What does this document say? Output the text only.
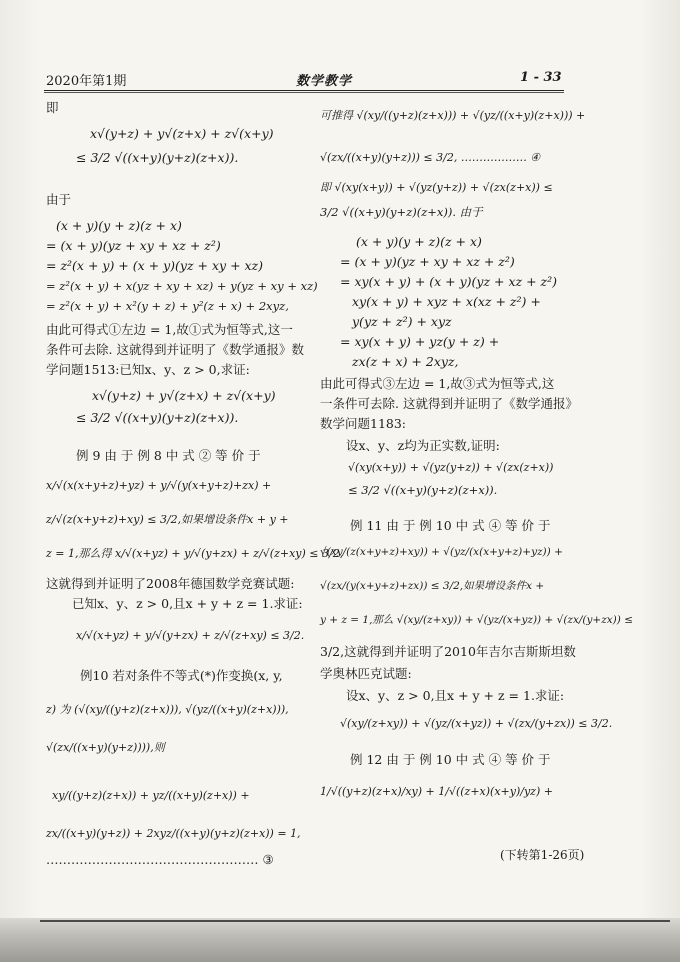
2020年第1期	数学教学	1 - 33
即
x√(y+z) + y√(z+x) + z√(x+y)
≤ 3/2 √((x+y)(y+z)(z+x)).
由于
(x + y)(y + z)(z + x)
= (x + y)(yz + xy + xz + z²)
= z²(x + y) + (x + y)(yz + xy + xz)
= z²(x + y) + x(yz + xy + xz) + y(yz + xy + xz)
= z²(x + y) + x²(y + z) + y²(z + x) + 2xyz,
由此可得式①左边 = 1,故①式为恒等式,这一
条件可去除. 这就得到并证明了《数学通报》数
学问题1513:已知x、y、z > 0,求证:
x√(y+z) + y√(z+x) + z√(x+y)
≤ 3/2 √((x+y)(y+z)(z+x)).
例 9 由 于 例 8 中 式 ② 等 价 于
x/√(x(x+y+z)+yz) + y/√(y(x+y+z)+zx) +
z/√(z(x+y+z)+xy) ≤ 3/2,如果增设条件x + y +
z = 1,那么得 x/√(x+yz) + y/√(y+zx) + z/√(z+xy) ≤ 3/2,
这就得到并证明了2008年德国数学竞赛试题:
已知x、y、z > 0,且x + y + z = 1.求证:
x/√(x+yz) + y/√(y+zx) + z/√(z+xy) ≤ 3/2.
例10 若对条件不等式(*)作变换(x, y,
z) 为 (√(xy/((y+z)(z+x))), √(yz/((x+y)(z+x))),
√(zx/((x+y)(y+z)))),则
xy/((y+z)(z+x)) + yz/((x+y)(z+x)) +
zx/((x+y)(y+z)) + 2xyz/((x+y)(y+z)(z+x)) = 1,
…………………………………………… ③
可推得 √(xy/((y+z)(z+x))) + √(yz/((x+y)(z+x))) +
√(zx/((x+y)(y+z))) ≤ 3/2, ……………… ④
即 √(xy(x+y)) + √(yz(y+z)) + √(zx(z+x)) ≤
3/2 √((x+y)(y+z)(z+x)). 由于
(x + y)(y + z)(z + x)
= (x + y)(yz + xy + xz + z²)
= xy(x + y) + (x + y)(yz + xz + z²)
xy(x + y) + xyz + x(xz + z²) +
y(yz + z²) + xyz
= xy(x + y) + yz(y + z) +
zx(z + x) + 2xyz,
由此可得式③左边 = 1,故③式为恒等式,这
一条件可去除. 这就得到并证明了《数学通报》
数学问题1183:
设x、y、z均为正实数,证明:
√(xy(x+y)) + √(yz(y+z)) + √(zx(z+x))
≤ 3/2 √((x+y)(y+z)(z+x)).
例 11 由 于 例 10 中 式 ④ 等 价 于
√(xy/(z(x+y+z)+xy)) + √(yz/(x(x+y+z)+yz)) +
√(zx/(y(x+y+z)+zx)) ≤ 3/2,如果增设条件x +
y + z = 1,那么 √(xy/(z+xy)) + √(yz/(x+yz)) + √(zx/(y+zx)) ≤
3/2,这就得到并证明了2010年吉尔吉斯斯坦数
学奥林匹克试题:
设x、y、z > 0,且x + y + z = 1.求证:
√(xy/(z+xy)) + √(yz/(x+yz)) + √(zx/(y+zx)) ≤ 3/2.
例 12 由 于 例 10 中 式 ④ 等 价 于
1/√((y+z)(z+x)/xy) + 1/√((z+x)(x+y)/yz) +
(下转第1-26页)
